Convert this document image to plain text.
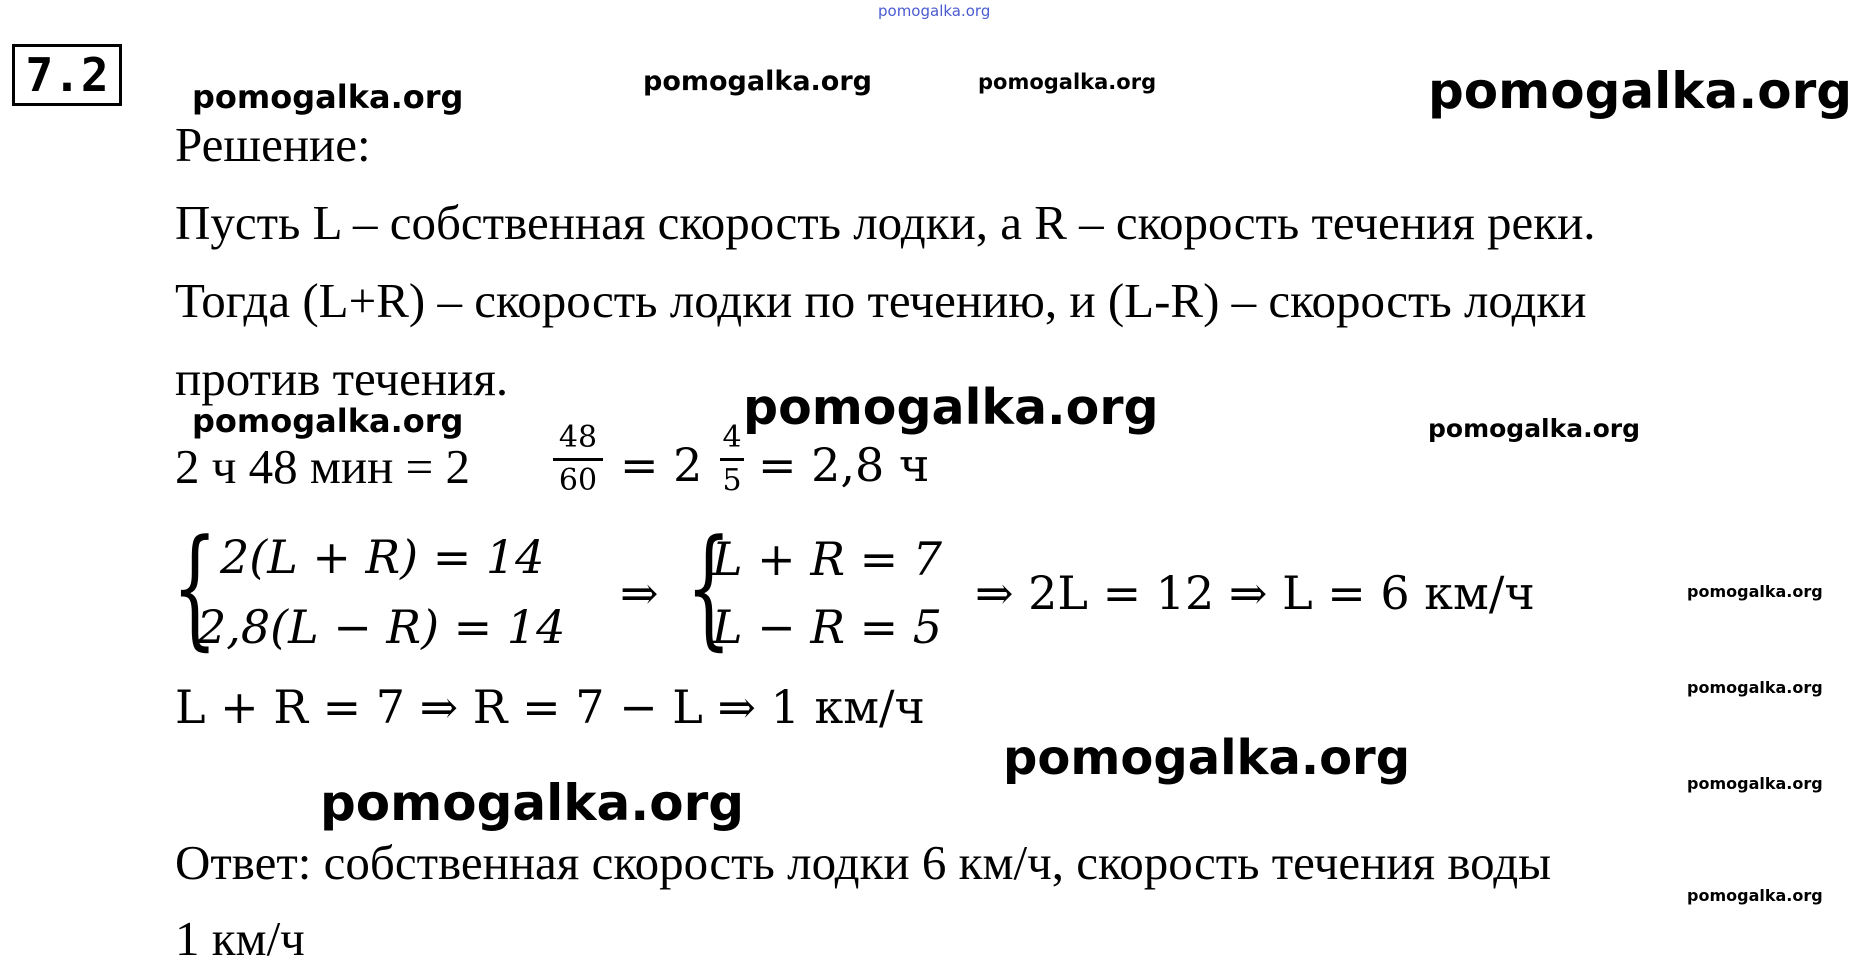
pomogalka.org
7.2	pomogalka.org	pomogalka.org	pomogalka.org	pomogalka.org
pomogalka.org	pomogalka.org	pomogalka.org
pomogalka.org
pomogalka.org
pomogalka.org	pomogalka.org
pomogalka.org
pomogalka.org
Решение:
Пусть L – собственная скорость лодки, а R – скорость течения реки.
Тогда (L+R) – скорость лодки по течению, и (L-R) – скорость лодки
против течения.
2 ч 48 мин = 2
48
60 = 2
4
5 = 2,8 ч
{ 2(L + R) = 14
2,8(L − R) = 14
⇒ {
L + R = 7
L − R = 5
⇒ 2L = 12 ⇒ L = 6 км/ч
L + R = 7 ⇒ R = 7 − L ⇒ 1 км/ч
Ответ: собственная скорость лодки 6 км/ч, скорость течения воды
1 км/ч
